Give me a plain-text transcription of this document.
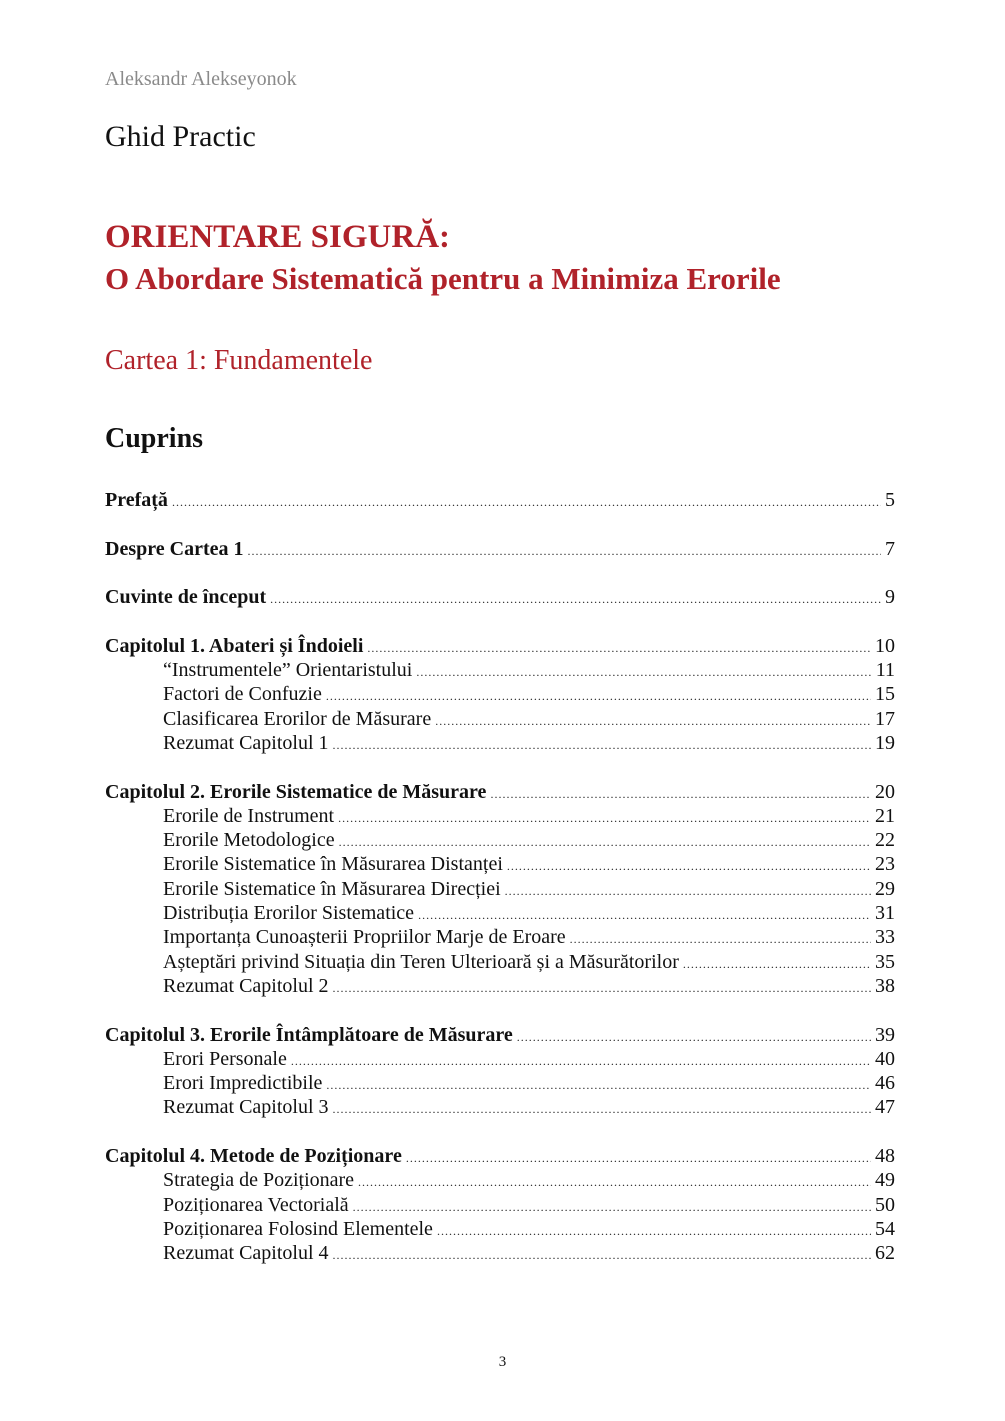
Aleksandr Alekseyonok
Ghid Practic
ORIENTARE SIGURĂ:
O Abordare Sistematică pentru a Minimiza Erorile
Cartea 1: Fundamentele
Cuprins
Prefață .....	5
Despre Cartea 1 .....	7
Cuvinte de început .....	9
Capitolul 1. Abateri și Îndoieli .....	10
“Instrumentele” Orientaristului .....	11
Factori de Confuzie .....	15
Clasificarea Erorilor de Măsurare .....	17
Rezumat Capitolul 1 .....	19
Capitolul 2. Erorile Sistematice de Măsurare .....	20
Erorile de Instrument .....	21
Erorile Metodologice .....	22
Erorile Sistematice în Măsurarea Distanței .....	23
Erorile Sistematice în Măsurarea Direcției .....	29
Distribuția Erorilor Sistematice .....	31
Importanța Cunoașterii Propriilor Marje de Eroare .....	33
Așteptări privind Situația din Teren Ulterioară și a Măsurătorilor .....	35
Rezumat Capitolul 2 .....	38
Capitolul 3. Erorile Întâmplătoare de Măsurare .....	39
Erori Personale .....	40
Erori Impredictibile .....	46
Rezumat Capitolul 3 .....	47
Capitolul 4. Metode de Poziționare .....	48
Strategia de Poziționare .....	49
Poziționarea Vectorială .....	50
Poziționarea Folosind Elementele .....	54
Rezumat Capitolul 4 .....	62
3
